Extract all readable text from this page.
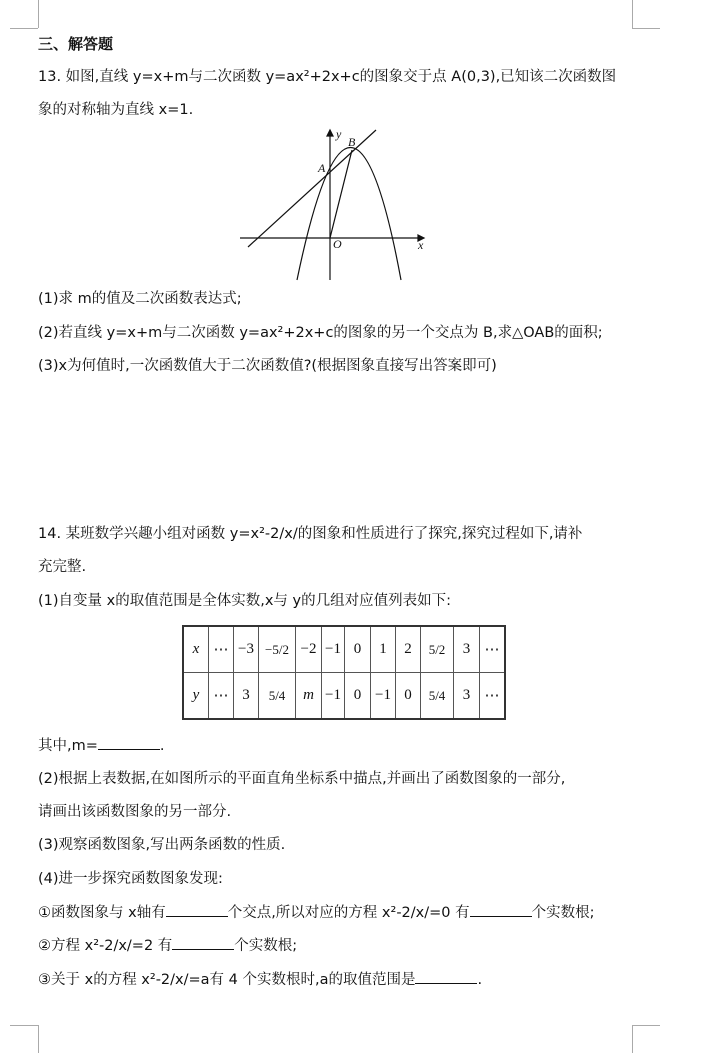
三、解答题
13. 如图,直线 y=x+m与二次函数 y=ax²+2x+c的图象交于点 A(0,3),已知该二次函数图
象的对称轴为直线 x=1.
y
x
O
A
B
(1)求 m的值及二次函数表达式;
(2)若直线 y=x+m与二次函数 y=ax²+2x+c的图象的另一个交点为 B,求△OAB的面积;
(3)x为何值时,一次函数值大于二次函数值?(根据图象直接写出答案即可)
14. 某班数学兴趣小组对函数 y=x²-2/x/的图象和性质进行了探究,探究过程如下,请补
充完整.
(1)自变量 x的取值范围是全体实数,x与 y的几组对应值列表如下:
x	⋯	−3	−5/2	−2	−1	0	1	2	5/2	3	⋯
y	⋯	3	5/4	m	−1	0	−1	0	5/4	3	⋯
其中,m=	.
(2)根据上表数据,在如图所示的平面直角坐标系中描点,并画出了函数图象的一部分,
请画出该函数图象的另一部分.
(3)观察函数图象,写出两条函数的性质.
(4)进一步探究函数图象发现:
①函数图象与 x轴有	个交点,所以对应的方程 x²-2/x/=0 有	个实数根;
②方程 x²-2/x/=2 有	个实数根;
③关于 x的方程 x²-2/x/=a有 4 个实数根时,a的取值范围是	.
